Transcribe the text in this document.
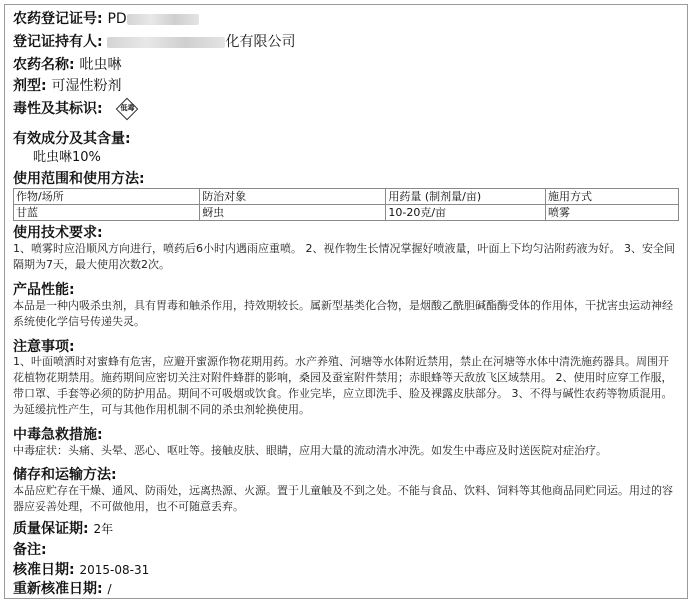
农药登记证号: PD
登记证持有人:	化有限公司
农药名称: 吡虫啉
剂型: 可湿性粉剂
毒性及其标识:	低毒
有效成分及其含量:
吡虫啉10%
使用范围和使用方法:
作物/场所	防治对象	用药量 (制剂量/亩)	施用方式
甘蓝	蚜虫	10-20克/亩	喷雾
使用技术要求:
1、喷雾时应沿顺风方向进行，喷药后6小时内遇雨应重喷。 2、视作物生长情况掌握好喷液量，叶面上下均匀沾附药液为好。 3、安全间隔期为7天，最大使用次数2次。
产品性能:
本品是一种内吸杀虫剂，具有胃毒和触杀作用，持效期较长。属新型基类化合物，是烟酸乙酰胆碱酯酶受体的作用体，干扰害虫运动神经系统使化学信号传递失灵。
注意事项:
1、叶面喷洒时对蜜蜂有危害，应避开蜜源作物花期用药。水产养殖、河塘等水体附近禁用，禁止在河塘等水体中清洗施药器具。周围开花植物花期禁用。施药期间应密切关注对附件蜂群的影响，桑园及蚕室附件禁用；赤眼蜂等天敌放飞区域禁用。 2、使用时应穿工作服，带口罩、手套等必须的防护用品。期间不可吸烟或饮食。作业完毕，应立即洗手、脸及裸露皮肤部分。 3、不得与碱性农药等物质混用。为延缓抗性产生，可与其他作用机制不同的杀虫剂轮换使用。
中毒急救措施:
中毒症状：头痛、头晕、恶心、呕吐等。接触皮肤、眼睛，应用大量的流动清水冲洗。如发生中毒应及时送医院对症治疗。
储存和运输方法:
本品应贮存在干燥、通风、防雨处，远离热源、火源。置于儿童触及不到之处。不能与食品、饮料、饲料等其他商品同贮同运。用过的容器应妥善处理，不可做他用，也不可随意丢弃。
质量保证期: 2年
备注:
核准日期: 2015-08-31
重新核准日期: /
